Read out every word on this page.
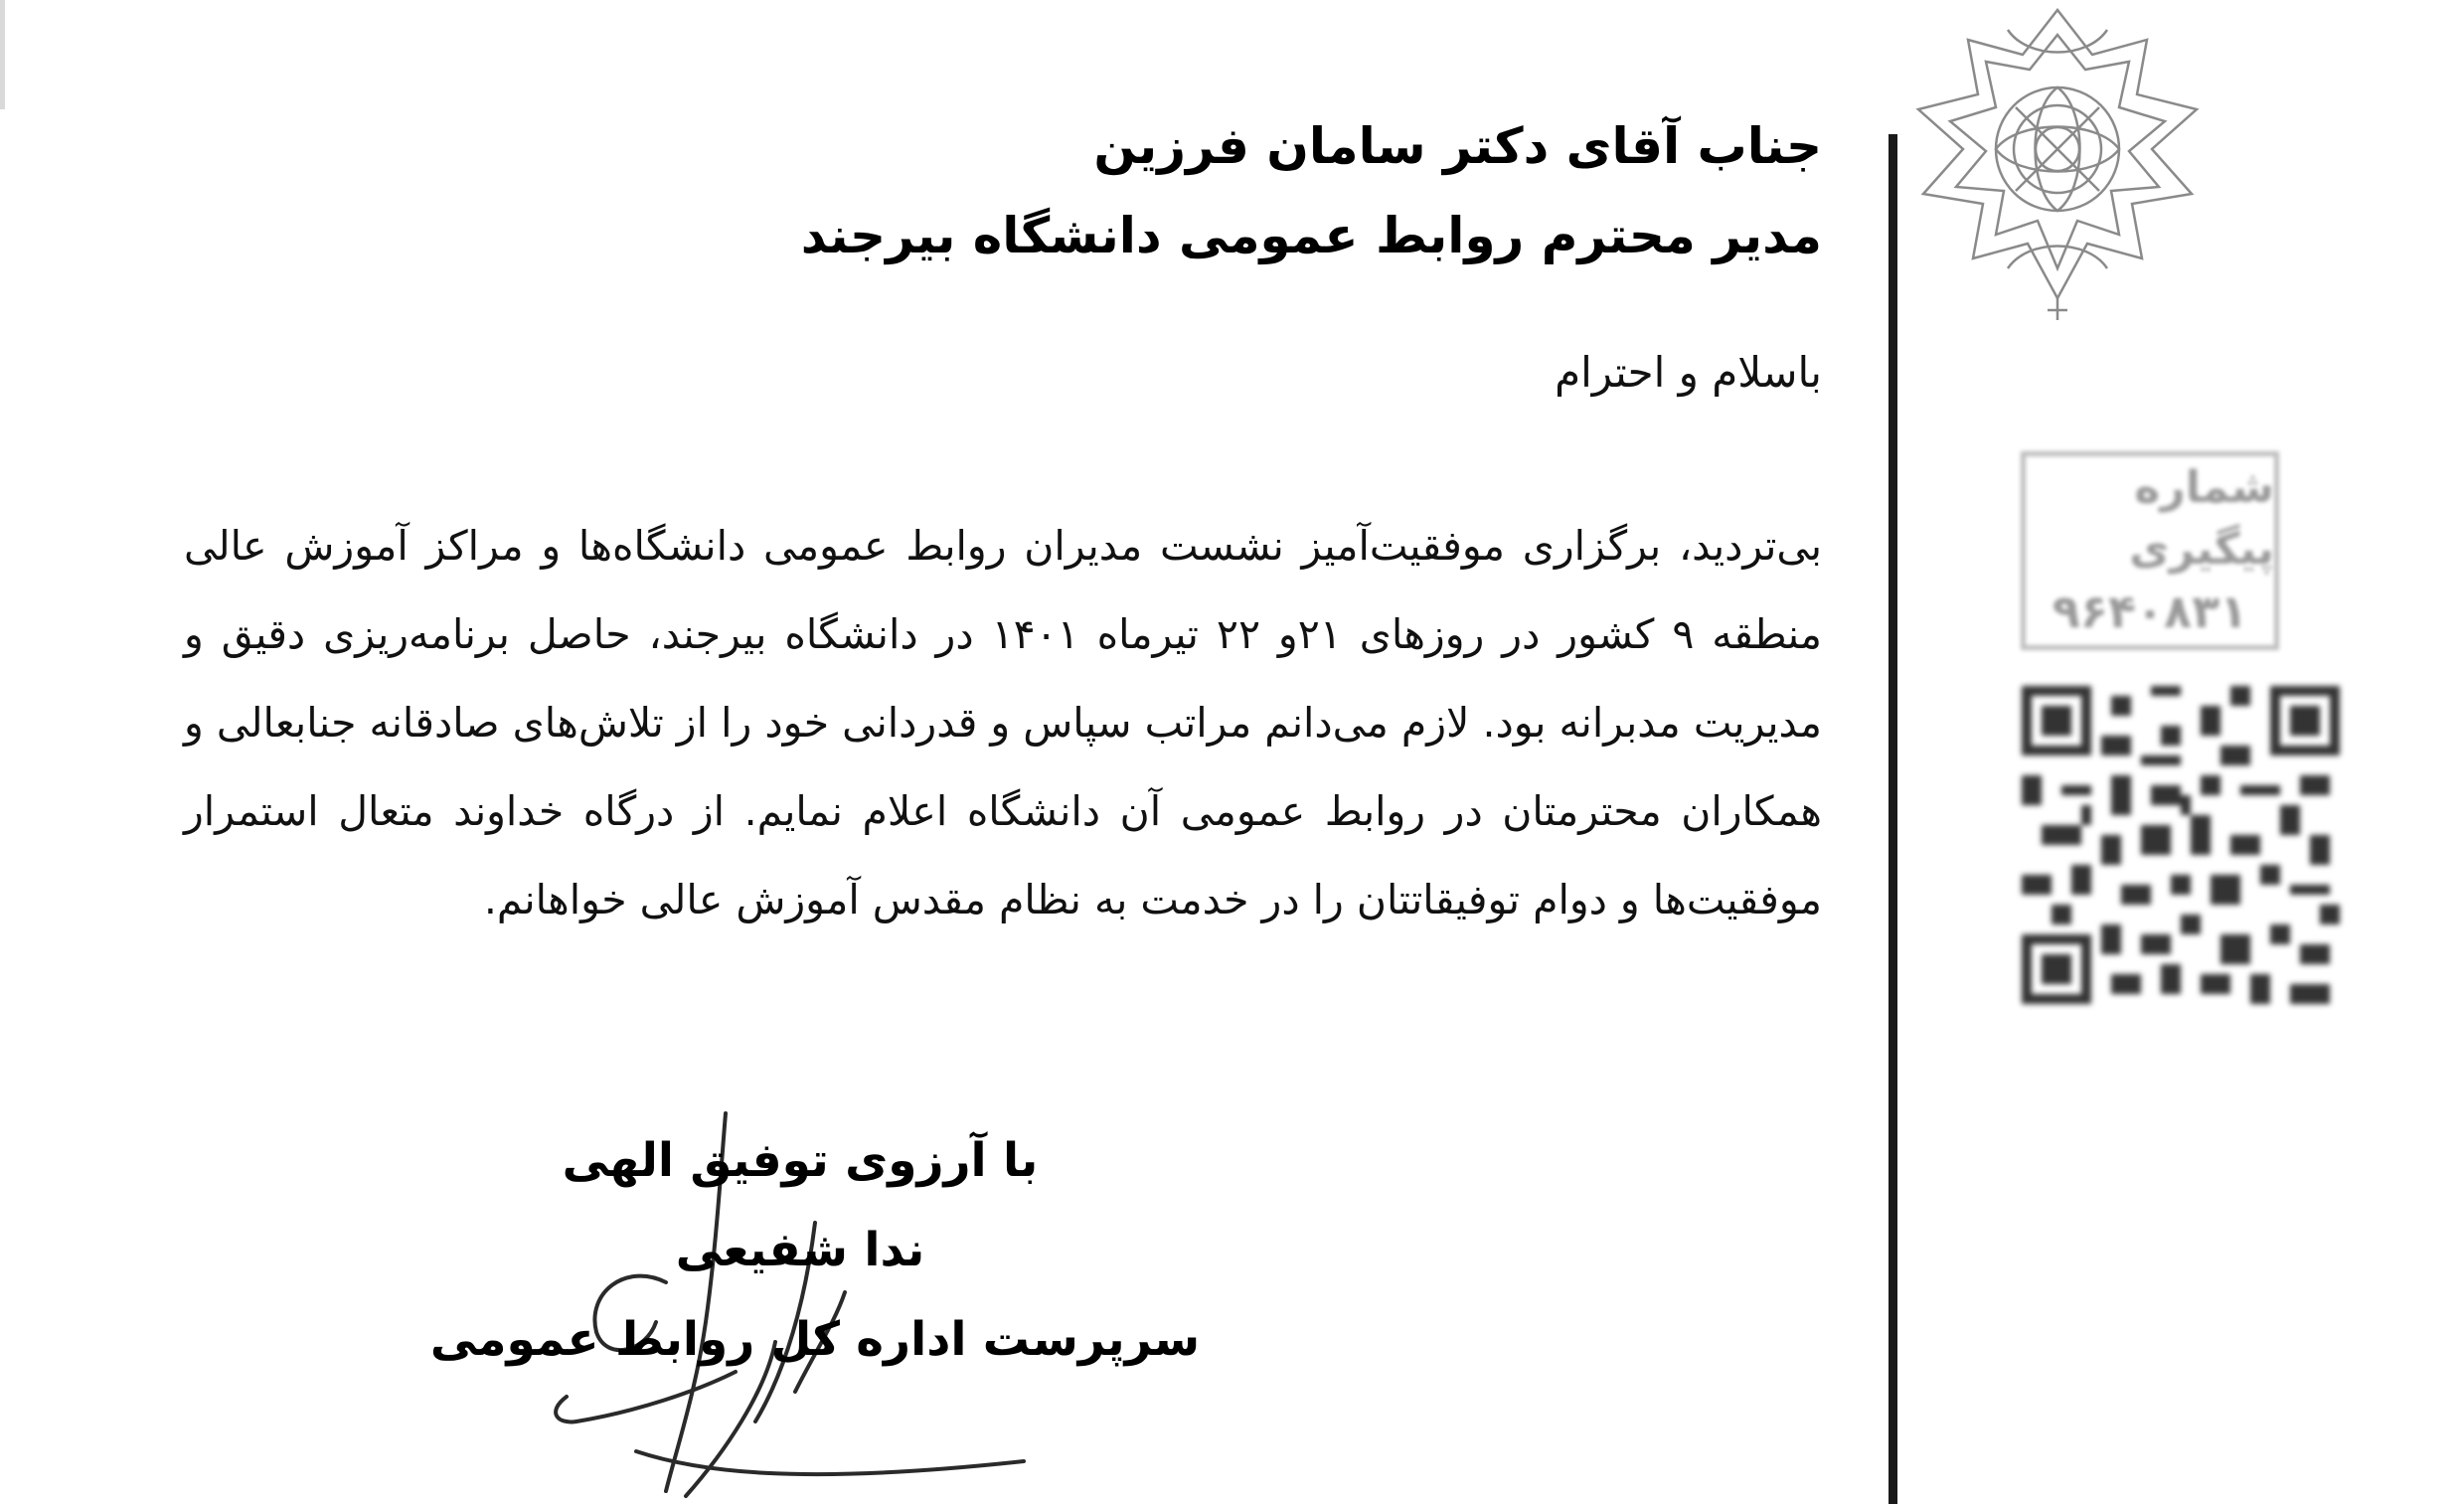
شماره پیگیری
۹۶۴۰۸۳۱
جناب آقای دکتر سامان فرزین
مدیر محترم روابط عمومی دانشگاه بیرجند
باسلام و احترام
بی‌تردید، برگزاری موفقیت‌آمیز نشست مدیران روابط عمومی دانشگاه‌ها و مراکز آموزش عالی منطقه ۹ کشور در روزهای ۲۱و ۲۲ تیرماه ۱۴۰۱ در دانشگاه بیرجند، حاصل برنامه‌ریزی دقیق و مدیریت مدبرانه بود. لازم می‌دانم مراتب سپاس و قدردانی خود را از تلاش‌های صادقانه جنابعالی و همکاران محترمتان در روابط عمومی آن دانشگاه اعلام نمایم. از درگاه خداوند متعال استمرار موفقیت‌ها و دوام توفیقاتتان را در خدمت به نظام مقدس آموزش عالی خواهانم.
با آرزوی توفیق الهی
ندا شفیعی
سرپرست اداره کل روابط عمومی
